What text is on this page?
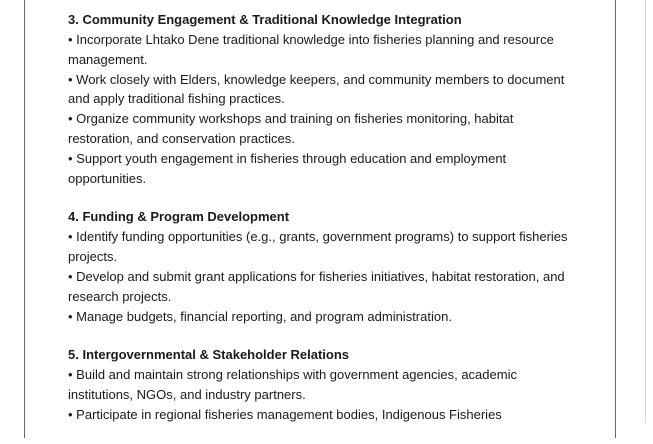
3. Community Engagement & Traditional Knowledge Integration

• Incorporate Lhtako Dene traditional knowledge into fisheries planning and resource management.

• Work closely with Elders, knowledge keepers, and community members to document and apply traditional fishing practices.

• Organize community workshops and training on fisheries monitoring, habitat restoration, and conservation practices.

• Support youth engagement in fisheries through education and employment opportunities.

4. Funding & Program Development

• Identify funding opportunities (e.g., grants, government programs) to support fisheries projects.

• Develop and submit grant applications for fisheries initiatives, habitat restoration, and research projects.

• Manage budgets, financial reporting, and program administration.

5. Intergovernmental & Stakeholder Relations

• Build and maintain strong relationships with government agencies, academic institutions, NGOs, and industry partners.

• Participate in regional fisheries management bodies, Indigenous Fisheries
